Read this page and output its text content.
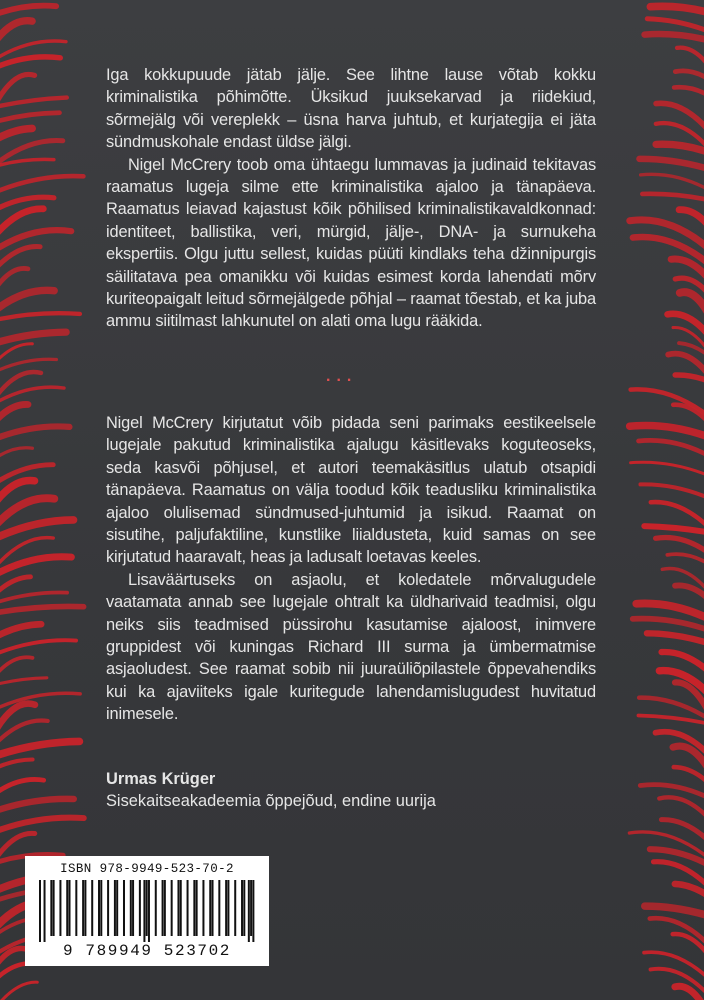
Iga kokkupuude jätab jälje. See lihtne lause võtab kokku kriminalistika põhimõtte. Üksikud juuksekarvad ja riidekiud, sõrmejälg või vereplekk – üsna harva juhtub, et kurjategija ei jäta sündmuskohale endast üldse jälgi.

Nigel McCrery toob oma ühtaegu lummavas ja judinaid tekitavas raamatus lugeja silme ette kriminalistika ajaloo ja tänapäeva. Raamatus leiavad kajastust kõik põhilised kriminalistikavaldkonnad: identiteet, ballistika, veri, mürgid, jälje-, DNA- ja surnukeha ekspertiis. Olgu juttu sellest, kuidas püüti kindlaks teha džinnipurgis säilitatava pea omanikku või kuidas esimest korda lahendati mõrv kuriteopaigalt leitud sõrmejälgede põhjal – raamat tõestab, et ka juba ammu siitilmast lahkunutel on alati oma lugu rääkida.

...

Nigel McCrery kirjutatut võib pidada seni parimaks eestikeelsele lugejale pakutud kriminalistika ajalugu käsitlevaks koguteoseks, seda kasvõi põhjusel, et autori teemakäsitlus ulatub otsapidi tänapäeva. Raamatus on välja toodud kõik teadusliku kriminalistika ajaloo olulisemad sündmused-juhtumid ja isikud. Raamat on sisutihe, paljufaktiline, kunstlike liialdusteta, kuid samas on see kirjutatud haaravalt, heas ja ladusalt loetavas keeles.

Lisaväärtuseks on asjaolu, et koledatele mõrvalugudele vaatamata annab see lugejale ohtralt ka üldharivaid teadmisi, olgu neiks siis teadmised püssirohu kasutamise ajaloost, inimvere gruppidest või kuningas Richard III surma ja ümbermatmise asjaoludest. See raamat sobib nii juuraüliõpilastele õppevahendiks kui ka ajaviiteks igale kuritegude lahendamislugudest huvitatud inimesele.

Urmas Krüger
Sisekaitseakadeemia õppejõud, endine uurija
ISBN 978-9949-523-70-2
9 789949 523702
